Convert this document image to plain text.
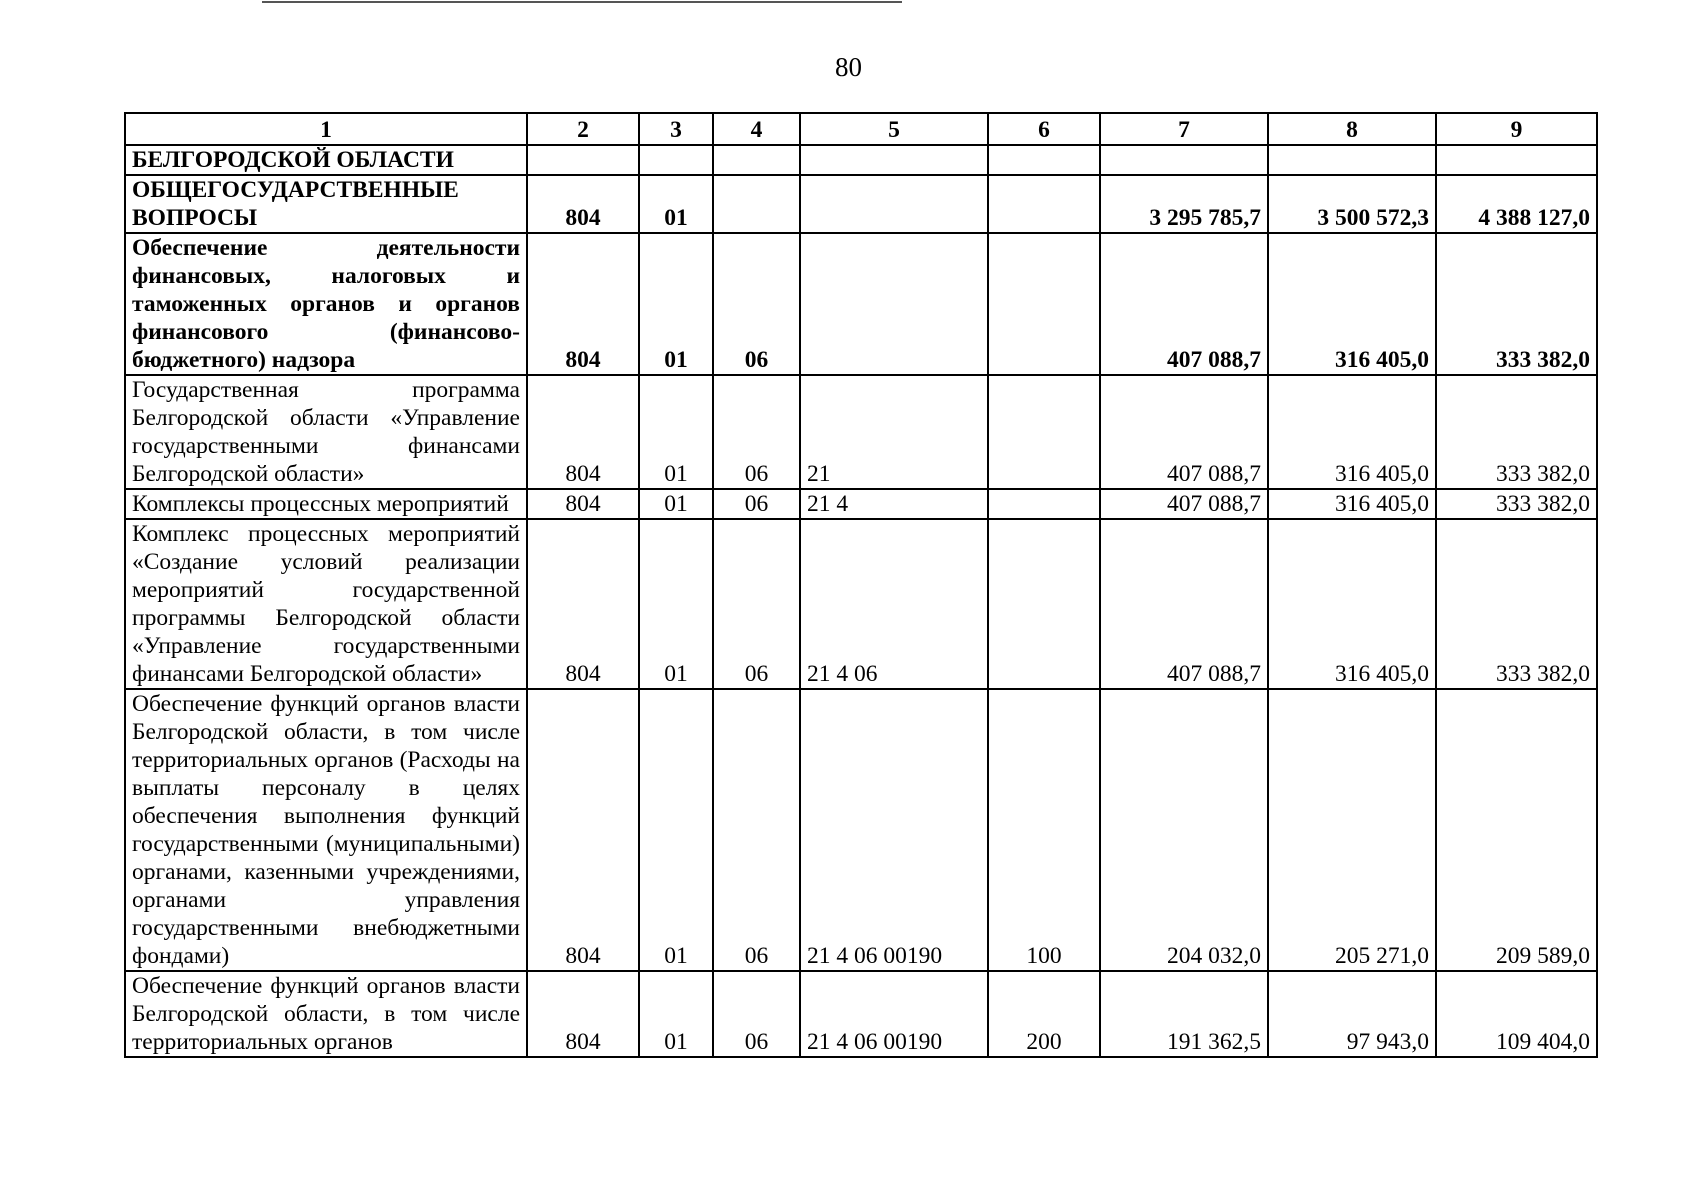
80
1	2	3	4	5	6	7	8	9
БЕЛГОРОДСКОЙ ОБЛАСТИ								
ОБЩЕГОСУДАРСТВЕННЫЕ ВОПРОСЫ	804	01				3 295 785,7	3 500 572,3	4 388 127,0
Обеспечение деятельности финансовых, налоговых и таможенных органов и органов финансового (финансово-бюджетного) надзора	804	01	06			407 088,7	316 405,0	333 382,0
Государственная программа Белгородской области «Управление государственными финансами Белгородской области»	804	01	06	21		407 088,7	316 405,0	333 382,0
Комплексы процессных мероприятий	804	01	06	21 4		407 088,7	316 405,0	333 382,0
Комплекс процессных мероприятий «Создание условий реализации мероприятий государственной программы Белгородской области «Управление государственными финансами Белгородской области»	804	01	06	21 4 06		407 088,7	316 405,0	333 382,0
Обеспечение функций органов власти Белгородской области, в том числе территориальных органов (Расходы на выплаты персоналу в целях обеспечения выполнения функций государственными (муниципальными) органами, казенными учреждениями, органами управления государственными внебюджетными фондами)	804	01	06	21 4 06 00190	100	204 032,0	205 271,0	209 589,0
Обеспечение функций органов власти Белгородской области, в том числе территориальных органов	804	01	06	21 4 06 00190	200	191 362,5	97 943,0	109 404,0
